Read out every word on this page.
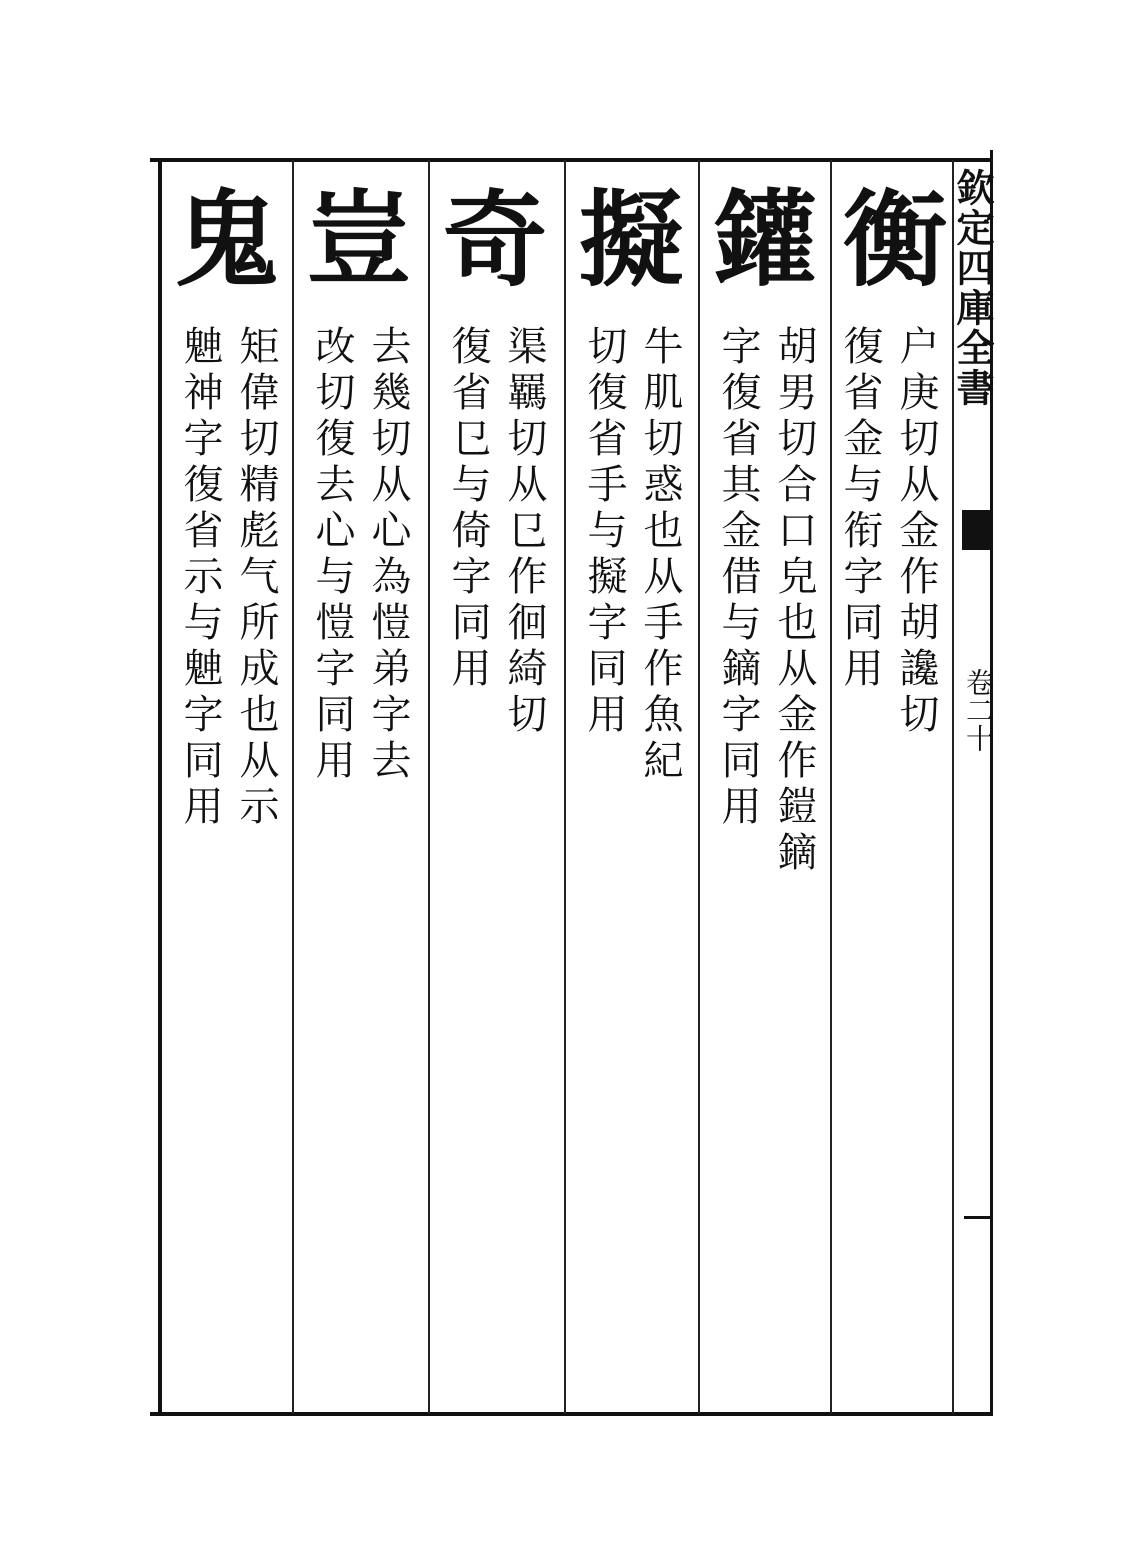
欽定四庫全書
卷二十
衡
户庚切从金作胡讒切
復省金与衔字同用
鑵
胡男切合口皃也从金作鎧鏑
字復省其金借与鏑字同用
擬
牛肌切惑也从手作魚紀
切復省手与擬字同用
奇
渠羈切从㔾作徊綺切
復省㔾与倚字同用
豈
去幾切从心為愷弟字去
改切復去心与愷字同用
鬼
矩偉切精彪气所成也从示
䰠神字復省示与䰠字同用
